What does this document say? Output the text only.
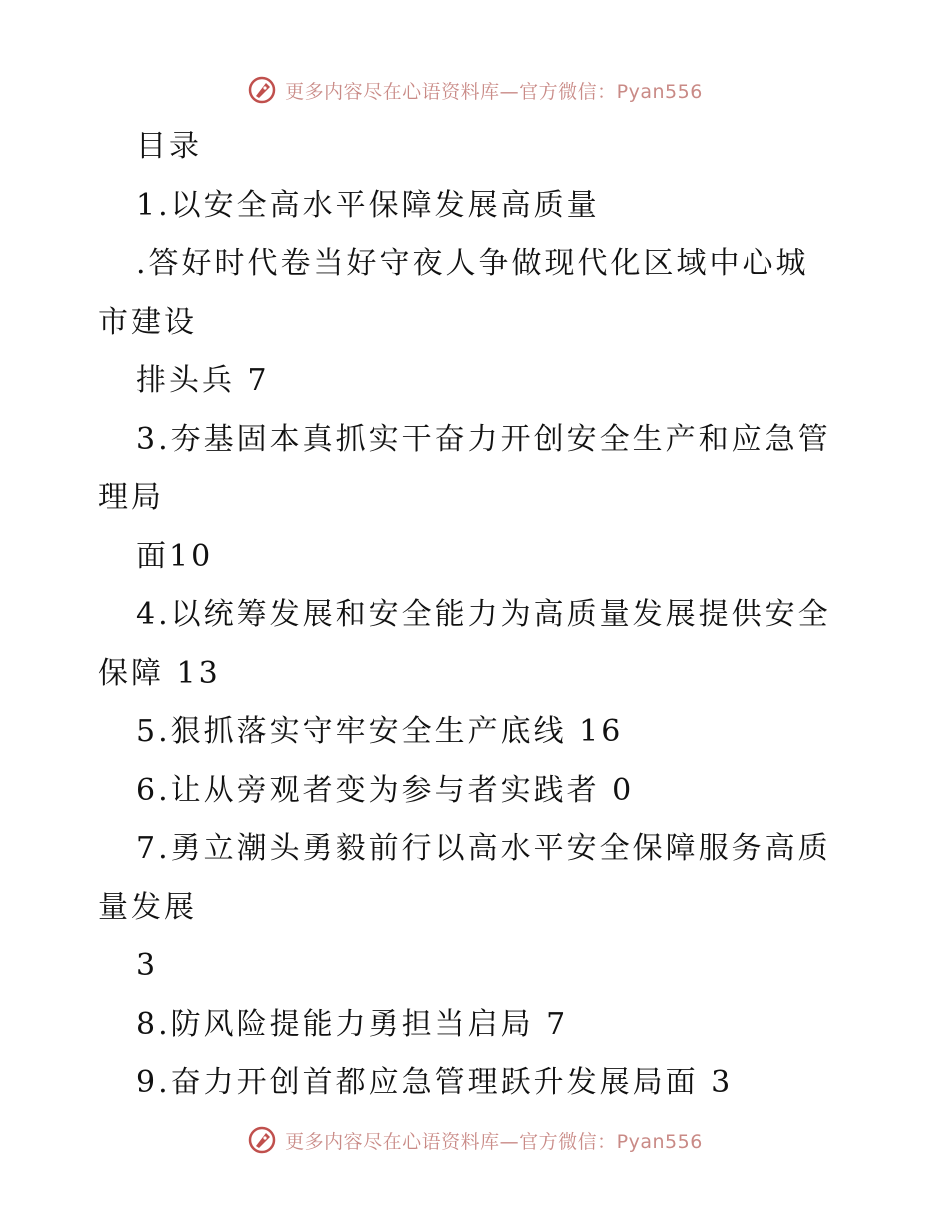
更多内容尽在心语资料库—官方微信：Pyan556
目录
1.以安全高水平保障发展高质量
.答好时代卷当好守夜人争做现代化区域中心城
市建设
排头兵 7
3.夯基固本真抓实干奋力开创安全生产和应急管
理局
面10
4.以统筹发展和安全能力为高质量发展提供安全
保障 13
5.狠抓落实守牢安全生产底线 16
6.让从旁观者变为参与者实践者 0
7.勇立潮头勇毅前行以高水平安全保障服务高质
量发展
3
8.防风险提能力勇担当启局 7
9.奋力开创首都应急管理跃升发展局面 3
更多内容尽在心语资料库—官方微信：Pyan556
